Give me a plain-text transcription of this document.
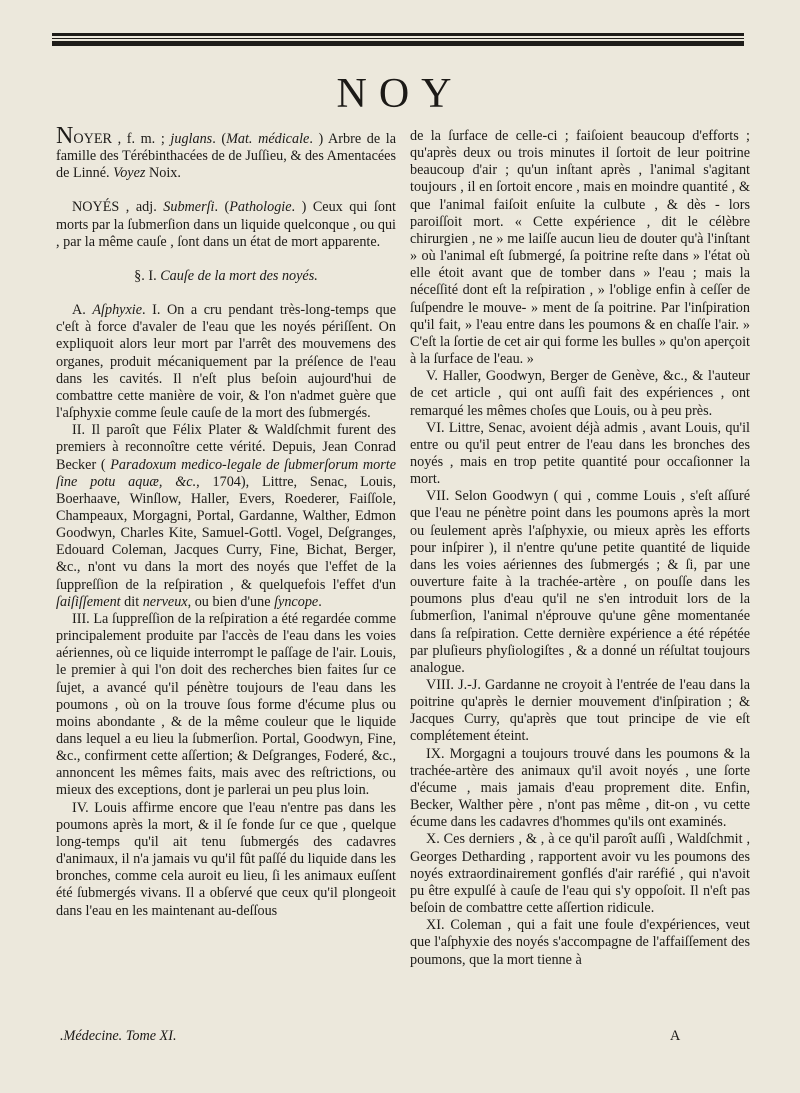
NOY

NOYER , f. m. ; juglans. (Mat. médicale. ) Arbre de la famille des Térébinthacées de de Juſſieu, & des Amentacées de Linné. Voyez Noix.

NOYÉS , adj. Submerſi. (Pathologie. ) Ceux qui ſont morts par la ſubmerſion dans un liquide quelconque , ou qui , par la même cauſe , ſont dans un état de mort apparente.

§. I. Cauſe de la mort des noyés.

A. Aſphyxie. I. On a cru pendant très-long-temps que c'eſt à force d'avaler de l'eau que les noyés périſſent. On expliquoit alors leur mort par l'arrêt des mouvemens des organes, produit mécaniquement par la préſence de l'eau dans les cavités. Il n'eſt plus beſoin aujourd'hui de combattre cette manière de voir, & l'on n'admet guère que l'aſphyxie comme ſeule cauſe de la mort des ſubmergés.

II. Il paroît que Félix Plater & Waldſchmit furent des premiers à reconnoître cette vérité. Depuis, Jean Conrad Becker ( Paradoxum medico-legale de ſubmerſorum morte ſine potu aquæ, &c., 1704), Littre, Senac, Louis, Boerhaave, Winſlow, Haller, Evers, Roederer, Faiſſole, Champeaux, Morgagni, Portal, Gardanne, Walther, Edmon Goodwyn, Charles Kite, Samuel-Gottl. Vogel, Deſgranges, Edouard Coleman, Jacques Curry, Fine, Bichat, Berger, &c., n'ont vu dans la mort des noyés que l'effet de la ſuppreſſion de la reſpiration , & quelquefois l'effet d'un ſaiſiſſement dit nerveux, ou bien d'une ſyncope.

III. La ſuppreſſion de la reſpiration a été regardée comme principalement produite par l'accès de l'eau dans les voies aériennes, où ce liquide interrompt le paſſage de l'air. Louis, le premier à qui l'on doit des recherches bien faites ſur ce ſujet, a avancé qu'il pénètre toujours de l'eau dans les poumons , où on la trouve ſous forme d'écume plus ou moins abondante , & de la même couleur que le liquide dans lequel a eu lieu la ſubmerſion. Portal, Goodwyn, Fine, &c., confirment cette aſſertion; & Deſgranges, Foderé, &c., annoncent les mêmes faits, mais avec des reſtrictions, ou mieux des exceptions, dont je parlerai un peu plus loin.

IV. Louis affirme encore que l'eau n'entre pas dans les poumons après la mort, & il ſe fonde ſur ce que , quelque long-temps qu'il ait tenu ſubmergés des cadavres d'animaux, il n'a jamais vu qu'il fût paſſé du liquide dans les bronches, comme cela auroit eu lieu, ſi les animaux euſſent été ſubmergés vivans. Il a obſervé que ceux qu'il plongeoit dans l'eau en les maintenant au-deſſous

de la ſurface de celle-ci ; faiſoient beaucoup d'efforts ; qu'après deux ou trois minutes il ſortoit de leur poitrine beaucoup d'air ; qu'un inſtant après , l'animal s'agitant toujours , il en ſortoit encore , mais en moindre quantité , & que l'animal faiſoit enſuite la culbute , & dès - lors paroiſſoit mort. « Cette expérience , dit le célèbre chirurgien , ne » me laiſſe aucun lieu de douter qu'à l'inſtant » où l'animal eſt ſubmergé, ſa poitrine reſte dans » l'état où elle étoit avant que de tomber dans » l'eau ; mais la néceſſité dont eſt la reſpiration , » l'oblige enfin à ceſſer de ſuſpendre le mouve- » ment de ſa poitrine. Par l'inſpiration qu'il fait, » l'eau entre dans les poumons & en chaſſe l'air. » C'eſt la ſortie de cet air qui forme les bulles » qu'on aperçoit à la ſurface de l'eau. »

V. Haller, Goodwyn, Berger de Genève, &c., & l'auteur de cet article , qui ont auſſi fait des expériences , ont remarqué les mêmes choſes que Louis, ou à peu près.

VI. Littre, Senac, avoient déjà admis , avant Louis, qu'il entre ou qu'il peut entrer de l'eau dans les bronches des noyés , mais en trop petite quantité pour occaſionner la mort.

VII. Selon Goodwyn ( qui , comme Louis , s'eſt aſſuré que l'eau ne pénètre point dans les poumons après la mort ou ſeulement après l'aſphyxie, ou mieux après les efforts pour inſpirer ), il n'entre qu'une petite quantité de liquide dans les voies aériennes des ſubmergés ; & ſi, par une ouverture faite à la trachée-artère , on pouſſe dans les poumons plus d'eau qu'il ne s'en introduit lors de la ſubmerſion, l'animal n'éprouve qu'une gêne momentanée dans ſa reſpiration. Cette dernière expérience a été répétée par pluſieurs phyſiologiſtes , & a donné un réſultat toujours analogue.

VIII. J.-J. Gardanne ne croyoit à l'entrée de l'eau dans la poitrine qu'après le dernier mouvement d'inſpiration ; & Jacques Curry, qu'après que tout principe de vie eſt complétement éteint.

IX. Morgagni a toujours trouvé dans les poumons & la trachée-artère des animaux qu'il avoit noyés , une ſorte d'écume , mais jamais d'eau proprement dite. Enfin, Becker, Walther père , n'ont pas même , dit-on , vu cette écume dans les cadavres d'hommes qu'ils ont examinés.

X. Ces derniers , & , à ce qu'il paroît auſſi , Waldſchmit , Georges Detharding , rapportent avoir vu les poumons des noyés extraordinairement gonflés d'air raréfié , qui n'avoit pu être expulſé à cauſe de l'eau qui s'y oppoſoit. Il n'eſt pas beſoin de combattre cette aſſertion ridicule.

XI. Coleman , qui a fait une foule d'expériences, veut que l'aſphyxie des noyés s'accompagne de l'affaiſſement des poumons, que la mort tienne à

.Médecine. Tome XI.	A
